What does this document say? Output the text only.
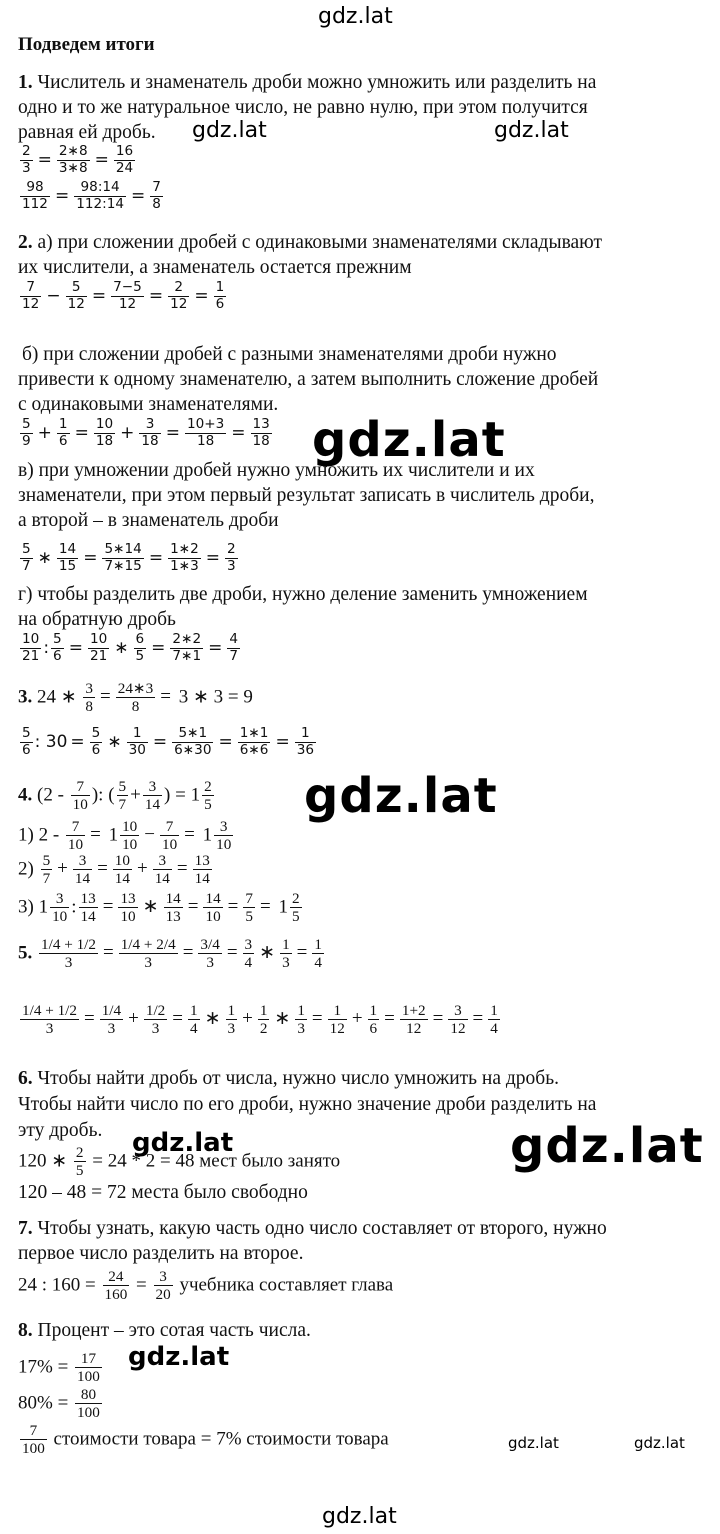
gdz.lat
gdz.lat	gdz.lat
gdz.lat
gdz.lat
gdz.lat	gdz.lat
gdz.lat
gdz.lat	gdz.lat
gdz.lat
Подведем итоги
1. Числитель и знаменатель дроби можно умножить или разделить на
одно и то же натуральное число, не равно нулю, при этом получится
равная ей дробь.
$\frac{2}{3} = \frac{2∗8}{3∗8} = \frac{16}{24}$
$\frac{98}{112} = \frac{98:14}{112:14} = \frac{7}{8}$
2. а) при сложении дробей с одинаковыми знаменателями складывают
их числители, а знаменатель остается прежним
$\frac{7}{12} - \frac{5}{12} = \frac{7-5}{12} = \frac{2}{12} = \frac{1}{6}$
б) при сложении дробей с разными знаменателями дроби нужно
привести к одному знаменателю, а затем выполнить сложение дробей
с одинаковыми знаменателями.
$\frac{5}{9} + \frac{1}{6} = \frac{10}{18} + \frac{3}{18} = \frac{10+3}{18} = \frac{13}{18}$
в) при умножении дробей нужно умножить их числители и их
знаменатели, при этом первый результат записать в числитель дроби,
а второй – в знаменатель дроби
$\frac{5}{7}$ ∗ $\frac{14}{15} = \frac{5∗14}{7∗15} = \frac{1∗2}{1∗3} = \frac{2}{3}$
г) чтобы разделить две дроби, нужно деление заменить умножением
на обратную дробь
$\frac{10}{21}$ : $\frac{5}{6} = \frac{10}{21}$ ∗ $\frac{6}{5} = \frac{2∗2}{7∗1} = \frac{4}{7}$
3. 24 ∗ $\frac{3}{8} = \frac{24∗3}{8} = 3$ ∗ 3 = 9
$\frac{5}{6}$ : $30 = \frac{5}{6}$ ∗ $\frac{1}{30} = \frac{5∗1}{6∗30} = \frac{1∗1}{6∗6} = \frac{1}{36}$
4. ($2 - \frac{7}{10}$ ): ( $\frac{5}{7} + \frac{3}{14}$ ) = $1 \frac{2}{5}$
1) $2 - \frac{7}{10} = 1 \frac{10}{10} - \frac{7}{10} = 1 \frac{3}{10}$
$2) \frac{5}{7} + \frac{3}{14} = \frac{10}{14} + \frac{3}{14} = \frac{13}{14}$
3) $1 \frac{3}{10}$ : $\frac{13}{14} = \frac{13}{10}$ ∗ $\frac{14}{13} = \frac{14}{10} = \frac{7}{5} = 1 \frac{2}{5}$
5. $\frac{1/4 + 1/2}{3} = \frac{1/4 + 2/4}{3} = \frac{3/4}{3} = \frac{3}{4}$ ∗ $\frac{1}{3} = \frac{1}{4}$
$\frac{1/4 + 1/2}{3} = \frac{1/4}{3} + \frac{1/2}{3} = \frac{1}{4}$ ∗ $\frac{1}{3} + \frac{1}{2}$ ∗ $\frac{1}{3} = \frac{1}{12} + \frac{1}{6} = \frac{1+2}{12} = \frac{3}{12} = \frac{1}{4}$
6. Чтобы найти дробь от числа, нужно число умножить на дробь.
Чтобы найти число по его дроби, нужно значение дроби разделить на
эту дробь.
120 ∗ $\frac{2}{5} = 24 * 2 = 48$ мест было занято
120 – 48 = 72 места было свободно
7. Чтобы узнать, какую часть одно число составляет от второго, нужно
первое число разделить на второе.
24 : $160 = \frac{24}{160} = \frac{3}{20}$ учебника составляет глава
8. Процент – это сотая часть числа.
$17\% = \frac{17}{100}$
$80\% = \frac{80}{100}$
$\frac{7}{100}$ стоимости товара = 7% стоимости товара
